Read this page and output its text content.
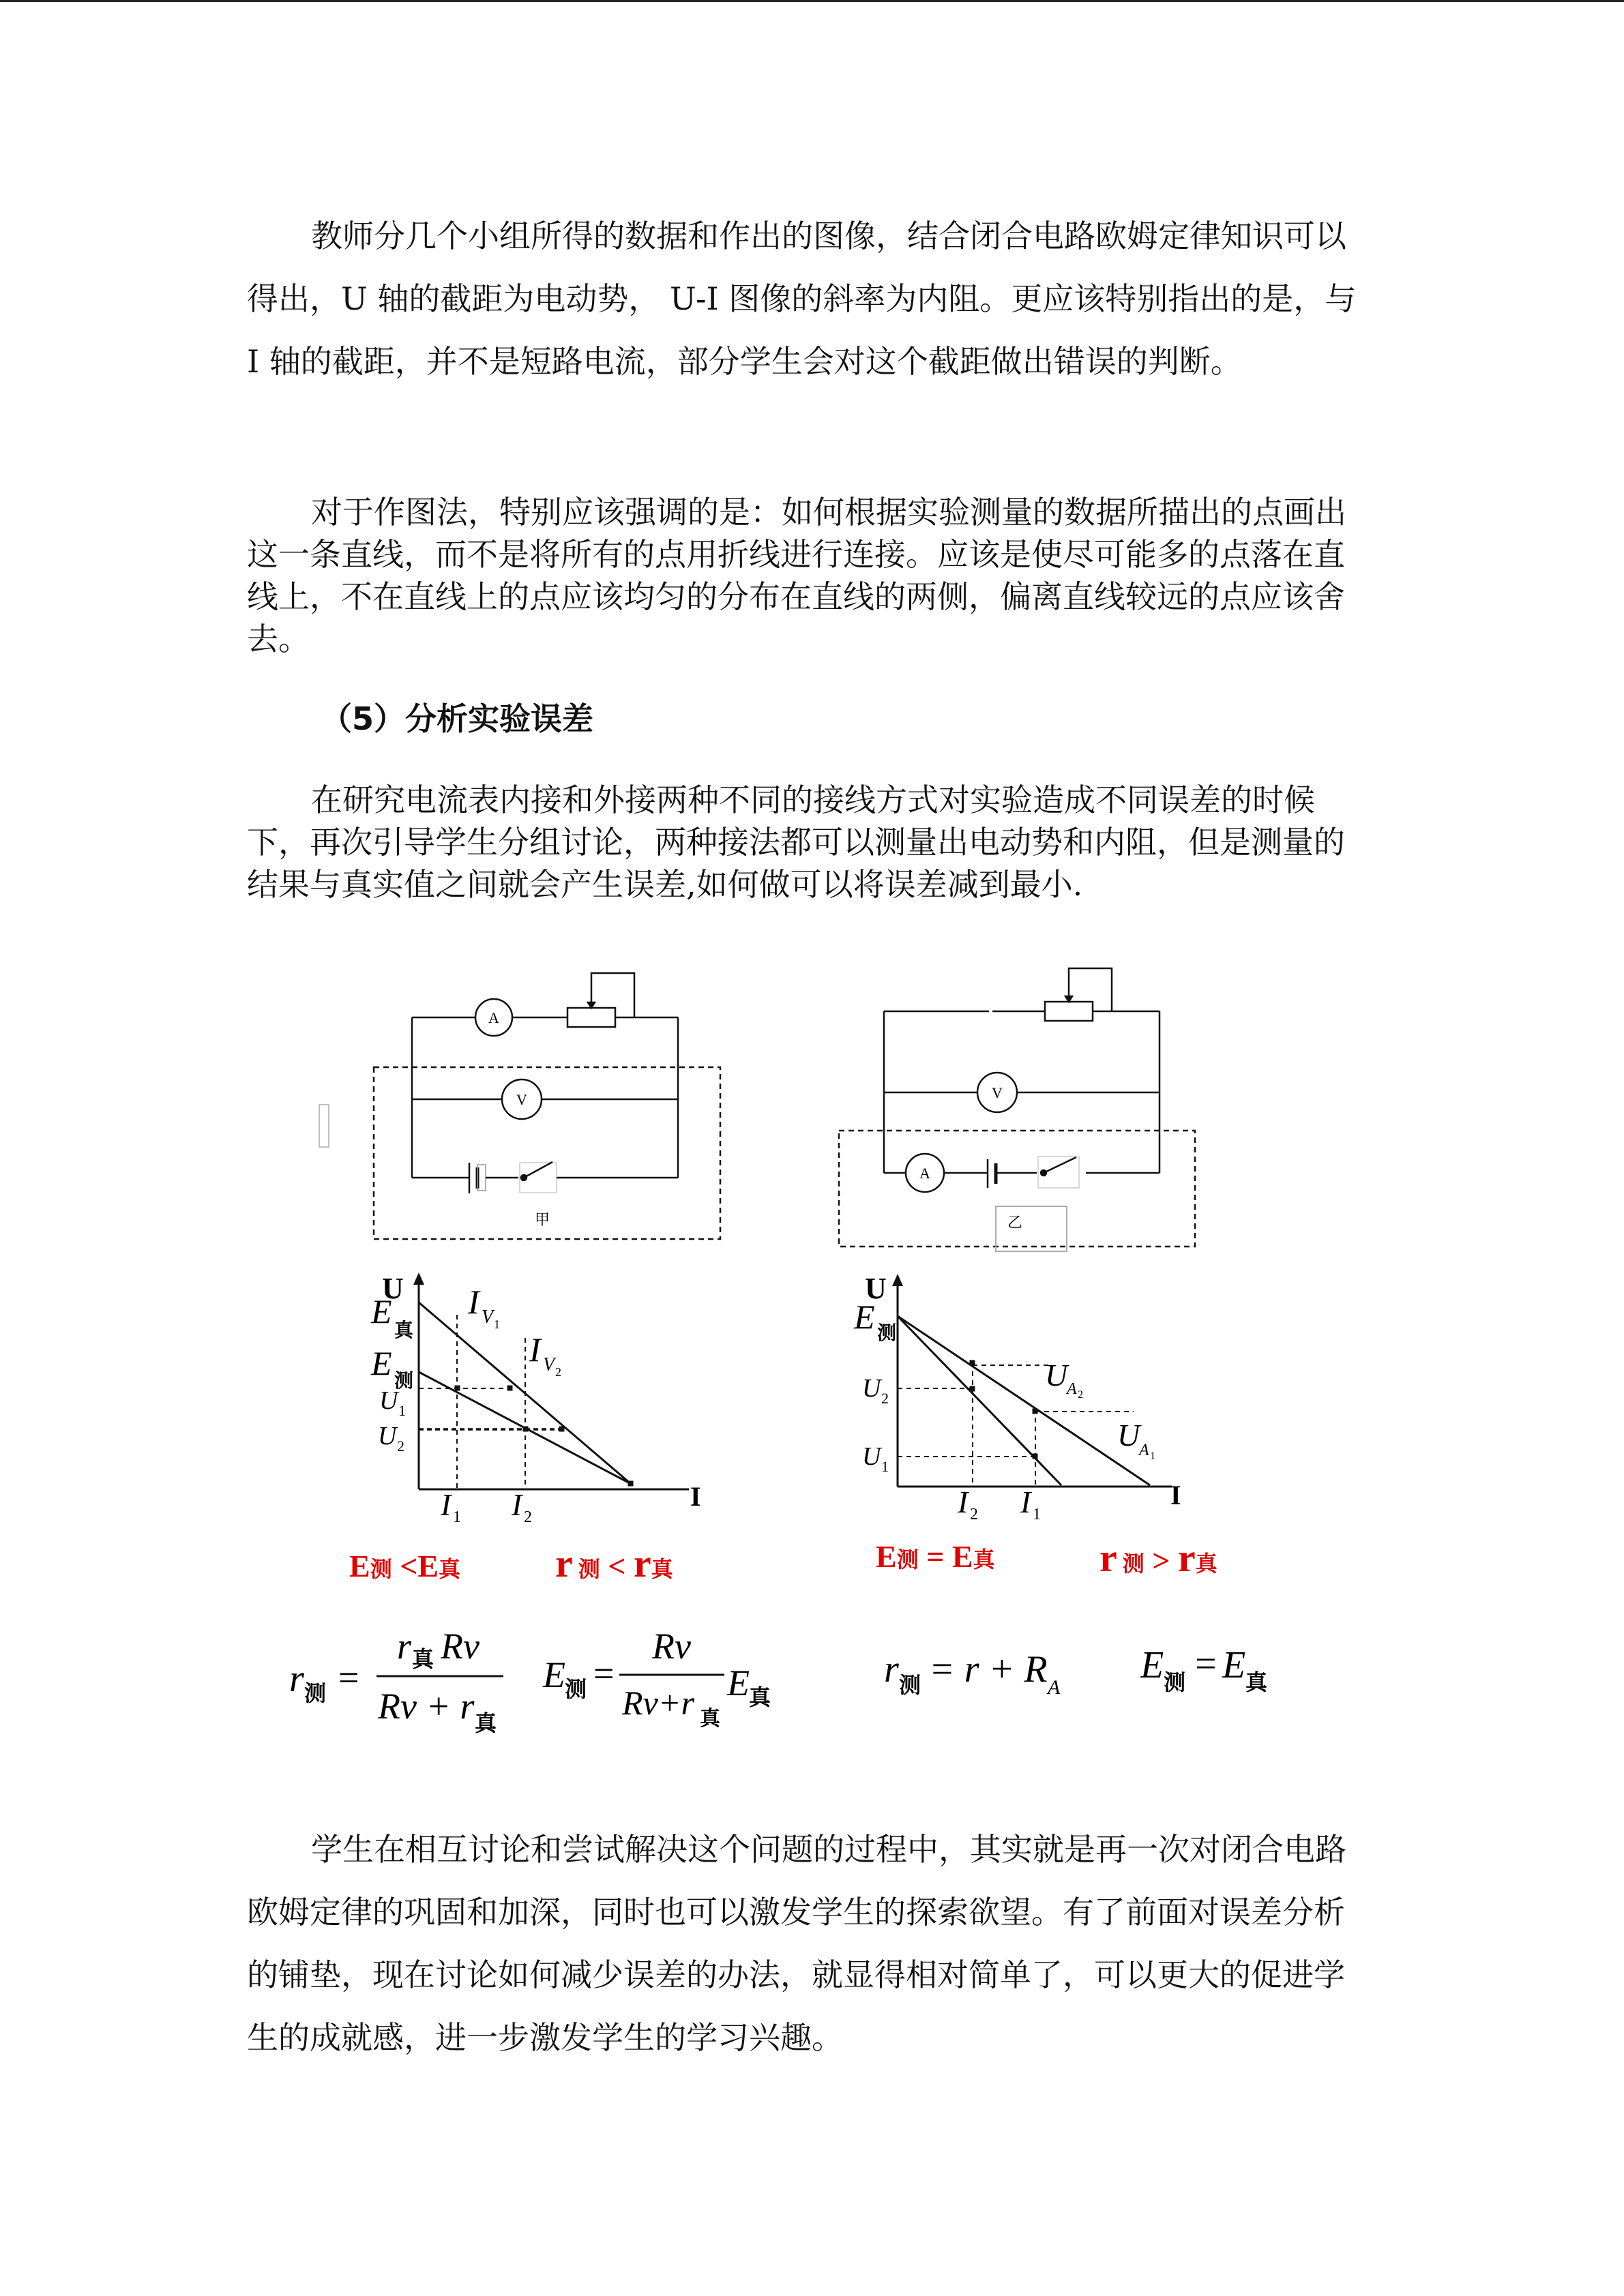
教师分几个小组所得的数据和作出的图像，结合闭合电路欧姆定律知识可以得出，U 轴的截距为电动势， U-I 图像的斜率为内阻。更应该特别指出的是，与 I 轴的截距，并不是短路电流，部分学生会对这个截距做出错误的判断。

对于作图法，特别应该强调的是：如何根据实验测量的数据所描出的点画出这一条直线，而不是将所有的点用折线进行连接。应该是使尽可能多的点落在直线上，不在直线上的点应该均匀的分布在直线的两侧，偏离直线较远的点应该舍去。

（5）分析实验误差

在研究电流表内接和外接两种不同的接线方式对实验造成不同误差的时候下，再次引导学生分组讨论，两种接法都可以测量出电动势和内阻，但是测量的结果与真实值之间就会产生误差,如何做可以将误差减到最小.

A
V
甲
A
V
乙
U
I
E
真
E 测
U 1
U 2
I 1 I 2
I V 1
I V 2
U
I
E 测
U 2
U 1
I 2 I 1
U
A 2
U
A 1
E测 <E真 r 测 < r真	E测 = E真	r 测 > r真
r 测 =
r 真 Rv
Rv + r 真
E 测 =
Rv
Rv+r 真
E 真
r 测 = r + R A
E 测 = E 真

学生在相互讨论和尝试解决这个问题的过程中，其实就是再一次对闭合电路欧姆定律的巩固和加深，同时也可以激发学生的探索欲望。有了前面对误差分析的铺垫，现在讨论如何减少误差的办法，就显得相对简单了，可以更大的促进学生的成就感，进一步激发学生的学习兴趣。
